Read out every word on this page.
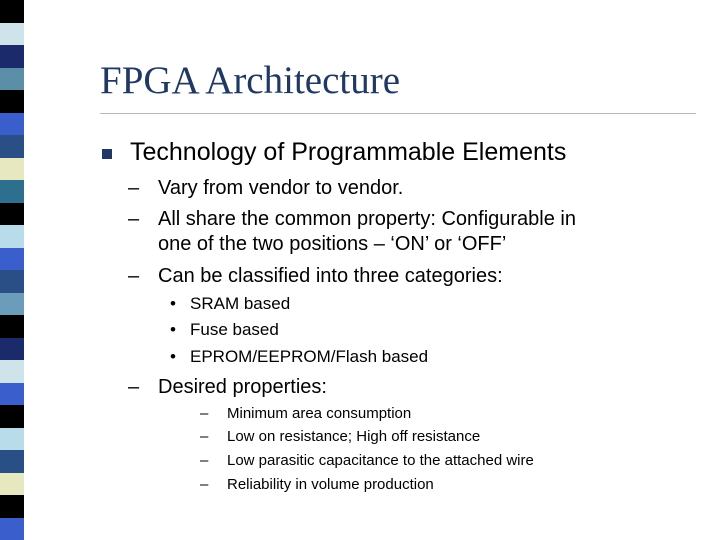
FPGA Architecture
Technology of Programmable Elements
– Vary from vendor to vendor.
– All share the common property: Configurable in
one of the two positions – ‘ON’ or ‘OFF’
– Can be classified into three categories:
• SRAM based
• Fuse based
• EPROM/EEPROM/Flash based
– Desired properties:
– Minimum area consumption
– Low on resistance; High off resistance
– Low parasitic capacitance to the attached wire
– Reliability in volume production
